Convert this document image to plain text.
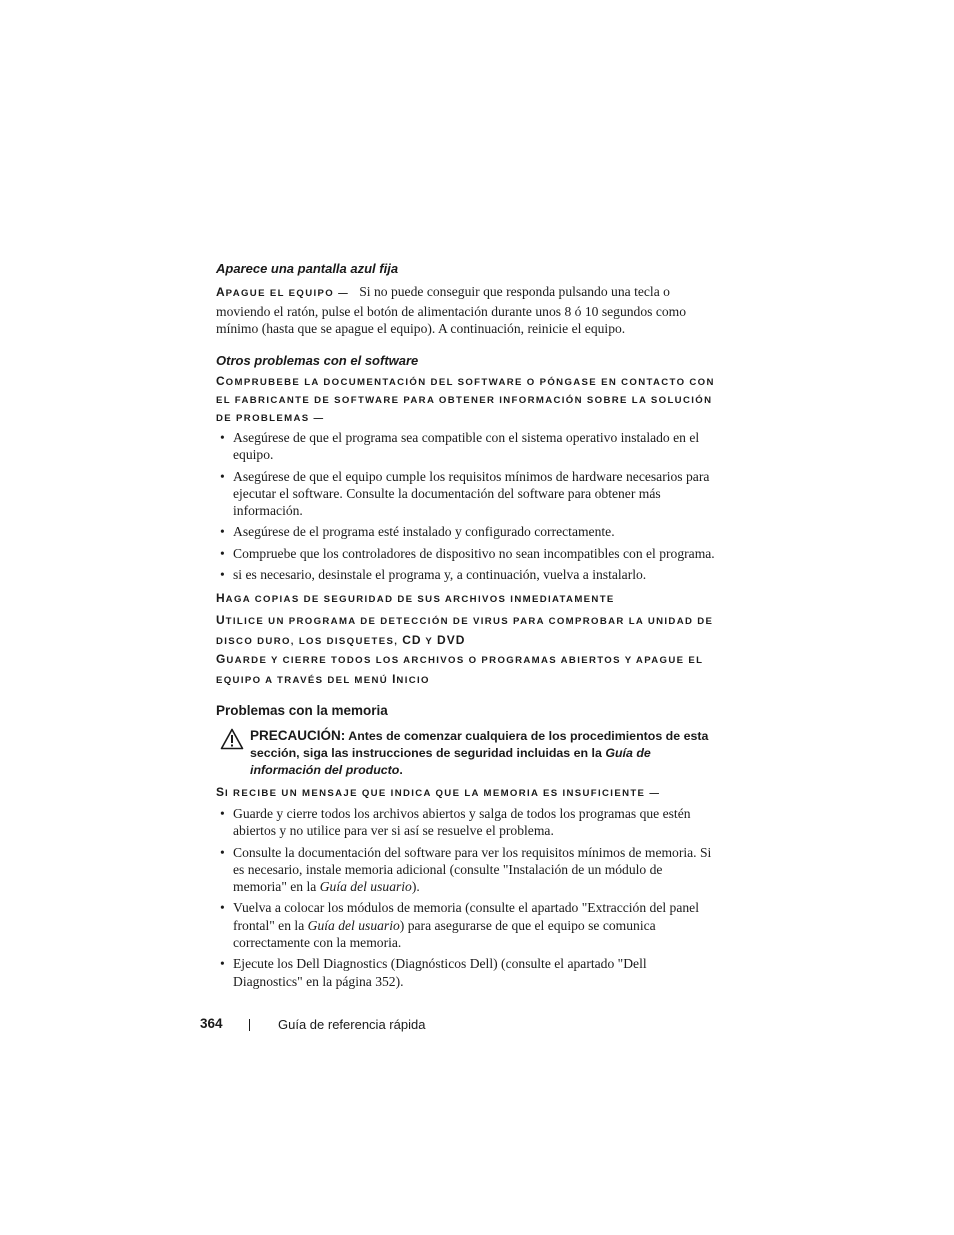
Aparece una pantalla azul fija
APAGUE EL EQUIPO — Si no puede conseguir que responda pulsando una tecla o moviendo el ratón, pulse el botón de alimentación durante unos 8 ó 10 segundos como mínimo (hasta que se apague el equipo). A continuación, reinicie el equipo.
Otros problemas con el software
COMPRUBEBE LA DOCUMENTACIÓN DEL SOFTWARE O PÓNGASE EN CONTACTO CON EL FABRICANTE DE SOFTWARE PARA OBTENER INFORMACIÓN SOBRE LA SOLUCIÓN DE PROBLEMAS —
• Asegúrese de que el programa sea compatible con el sistema operativo instalado en el equipo.
• Asegúrese de que el equipo cumple los requisitos mínimos de hardware necesarios para ejecutar el software. Consulte la documentación del software para obtener más información.
• Asegúrese de el programa esté instalado y configurado correctamente.
• Compruebe que los controladores de dispositivo no sean incompatibles con el programa.
• si es necesario, desinstale el programa y, a continuación, vuelva a instalarlo.
HAGA COPIAS DE SEGURIDAD DE SUS ARCHIVOS INMEDIATAMENTE
UTILICE UN PROGRAMA DE DETECCIÓN DE VIRUS PARA COMPROBAR LA UNIDAD DE DISCO DURO, LOS DISQUETES, CD Y DVD
GUARDE Y CIERRE TODOS LOS ARCHIVOS O PROGRAMAS ABIERTOS Y APAGUE EL EQUIPO A TRAVÉS DEL MENÚ INICIO
Problemas con la memoria
PRECAUCIÓN: Antes de comenzar cualquiera de los procedimientos de esta sección, siga las instrucciones de seguridad incluidas en la Guía de información del producto.
SI RECIBE UN MENSAJE QUE INDICA QUE LA MEMORIA ES INSUFICIENTE —
• Guarde y cierre todos los archivos abiertos y salga de todos los programas que estén abiertos y no utilice para ver si así se resuelve el problema.
• Consulte la documentación del software para ver los requisitos mínimos de memoria. Si es necesario, instale memoria adicional (consulte "Instalación de un módulo de memoria" en la Guía del usuario).
• Vuelva a colocar los módulos de memoria (consulte el apartado "Extracción del panel frontal" en la Guía del usuario) para asegurarse de que el equipo se comunica correctamente con la memoria.
• Ejecute los Dell Diagnostics (Diagnósticos Dell) (consulte el apartado "Dell Diagnostics" en la página 352).
364	Guía de referencia rápida
